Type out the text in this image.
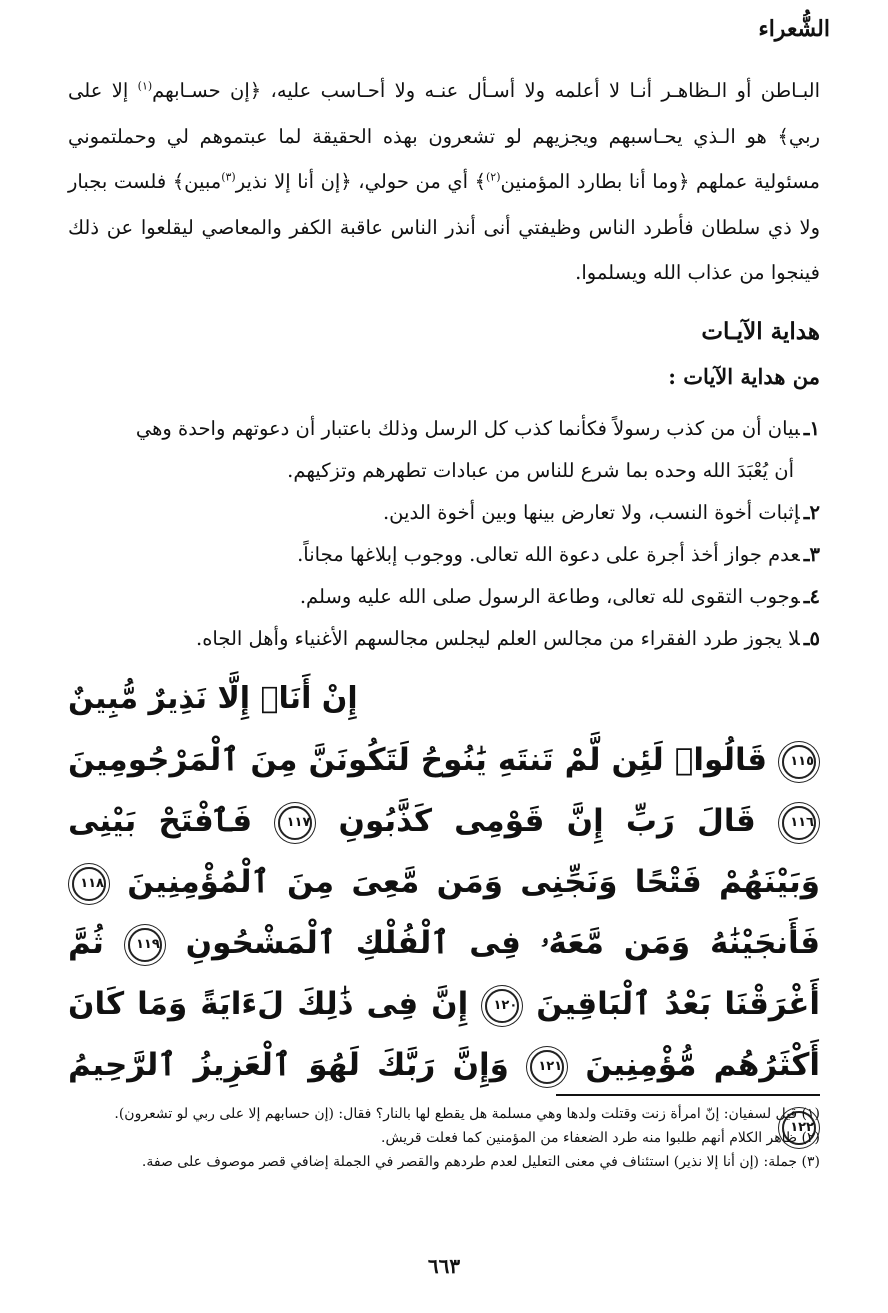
الشُّعراء
البـاطن أو الـظاهـر أنـا لا أعلمه ولا أسـأل عنـه ولا أحـاسب عليه، ﴿إن حسـابهم$^{(١)}$ إلا على ربي﴾ هو الـذي يحـاسبهم ويجزيهم لو تشعرون بهذه الحقيقة لما عبتموهم لي وحملتموني مسئولية عملهم ﴿وما أنا بطارد المؤمنين$^{(٢)}$﴾ أي من حولي، ﴿إن أنا إلا نذير$^{(٣)}$مبين﴾ فلست بجبار ولا ذي سلطان فأطرد الناس وظيفتي أنى أنذر الناس عاقبة الكفر والمعاصي ليقلعوا عن ذلك فينجوا من عذاب الله ويسلموا.
هداية الآيـات
من هداية الآيات :
١ـبيان أن من كذب رسولاً فكأنما كذب كل الرسل وذلك باعتبار أن دعوتهم واحدة وهي
أن يُعْبَدَ الله وحده بما شرع للناس من عبادات تطهرهم وتزكيهم.
٢ـإثبات أخوة النسب، ولا تعارض بينها وبين أخوة الدين.
٣ـعدم جواز أخذ أجرة على دعوة الله تعالى. ووجوب إبلاغها مجاناً.
٤ـوجوب التقوى لله تعالى، وطاعة الرسول صلى الله عليه وسلم.
٥ـلا يجوز طرد الفقراء من مجالس العلم ليجلس مجالسهم الأغنياء وأهل الجاه.
إِنْ أَنَا۠ إِلَّا نَذِيرٌ مُّبِينٌ
١١٥ قَالُوا۟ لَئِن لَّمْ تَنتَهِ يَٰنُوحُ لَتَكُونَنَّ مِنَ ٱلْمَرْجُومِينَ ١١٦ قَالَ رَبِّ إِنَّ قَوْمِى كَذَّبُونِ ١١٧ فَٱفْتَحْ بَيْنِى وَبَيْنَهُمْ فَتْحًا وَنَجِّنِى وَمَن مَّعِىَ مِنَ ٱلْمُؤْمِنِينَ ١١٨ فَأَنجَيْنَٰهُ وَمَن مَّعَهُۥ فِى ٱلْفُلْكِ ٱلْمَشْحُونِ ١١٩ ثُمَّ أَغْرَقْنَا بَعْدُ ٱلْبَاقِينَ ١٢٠ إِنَّ فِى ذَٰلِكَ لَءَايَةً وَمَا كَانَ أَكْثَرُهُم مُّؤْمِنِينَ ١٢١ وَإِنَّ رَبَّكَ لَهُوَ ٱلْعَزِيزُ ٱلرَّحِيمُ ١٢٢
(١) قيل لسفيان: إنّ امرأة زنت وقتلت ولدها وهي مسلمة هل يقطع لها بالنار؟ فقال: (إن حسابهم إلا على ربي لو تشعرون).
(٢) ظاهر الكلام أنهم طلبوا منه طرد الضعفاء من المؤمنين كما فعلت قريش.
(٣) جملة: (إن أنا إلا نذير) استئناف في معنى التعليل لعدم طردهم والقصر في الجملة إضافي قصر موصوف على صفة.
٦٦٣
